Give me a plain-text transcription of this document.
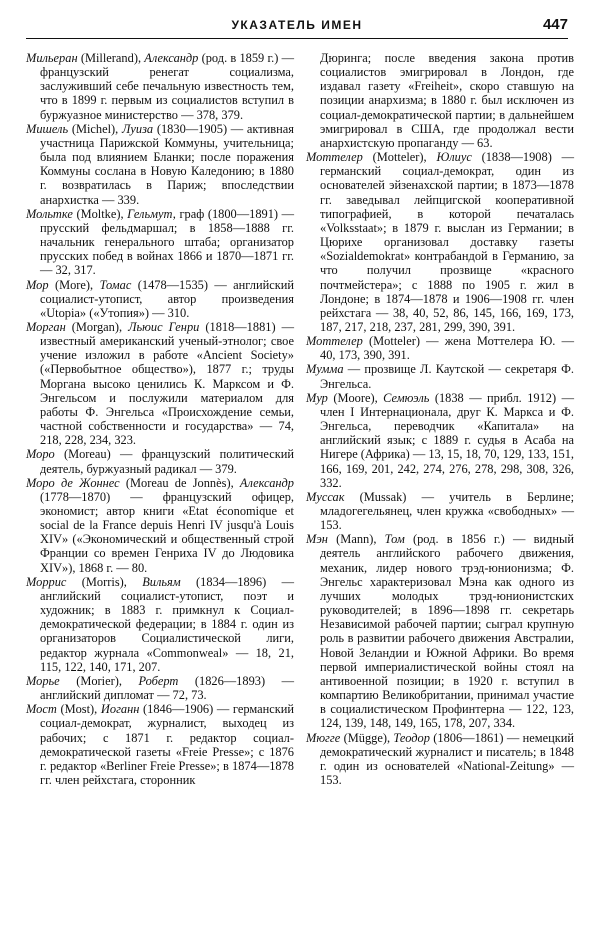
УКАЗАТЕЛЬ ИМЕН	447

Мильеран (Millerand), Александр (род. в 1859 г.) — французский ренегат социализма, заслуживший себе печальную известность тем, что в 1899 г. первым из социалистов вступил в буржуазное министерство — 378, 379.

Мишель (Michel), Луиза (1830—1905) — активная участница Парижской Коммуны, учительница; была под влиянием Бланки; после поражения Коммуны сослана в Новую Каледонию; в 1880 г. возвратилась в Париж; впоследствии анархистка — 339.

Мольтке (Moltke), Гельмут, граф (1800—1891) — прусский фельдмаршал; в 1858—1888 гг. начальник генерального штаба; организатор прусских побед в войнах 1866 и 1870—1871 гг. — 32, 317.

Мор (More), Томас (1478—1535) — английский социалист-утопист, автор произведения «Utopia» («Утопия») — 310.

Морган (Morgan), Льюис Генри (1818—1881) — известный американский ученый-этнолог; свое учение изложил в работе «Ancient Society» («Первобытное общество»), 1877 г.; труды Моргана высоко ценились К. Марксом и Ф. Энгельсом и послужили материалом для работы Ф. Энгельса «Происхождение семьи, частной собственности и государства» — 74, 218, 228, 234, 323.

Моро (Moreau) — французский политический деятель, буржуазный радикал — 379.

Моро де Жоннес (Moreau de Jonnès), Александр (1778—1870) — французский офицер, экономист; автор книги «Etat économique et social de la France depuis Henri IV jusqu'à Louis XIV» («Экономический и общественный строй Франции со времен Генриха IV до Людовика XIV»), 1868 г. — 80.

Моррис (Morris), Вильям (1834—1896) — английский социалист-утопист, поэт и художник; в 1883 г. примкнул к Социал-демократической федерации; в 1884 г. один из организаторов Социалистической лиги, редактор журнала «Commonweal» — 18, 21, 115, 122, 140, 171, 207.

Морье (Morier), Роберт (1826—1893) — английский дипломат — 72, 73.

Мост (Most), Иоганн (1846—1906) — германский социал-демократ, журналист, выходец из рабочих; с 1871 г. редактор социал-демократической газеты «Freie Presse»; с 1876 г. редактор «Berliner Freie Presse»; в 1874—1878 гг. член рейхстага, сторонник

Дюринга; после введения закона против социалистов эмигрировал в Лондон, где издавал газету «Freiheit», скоро ставшую на позиции анархизма; в 1880 г. был исключен из социал-демократической партии; в дальнейшем эмигрировал в США, где продолжал вести анархистскую пропаганду — 63.

Моттелер (Motteler), Юлиус (1838—1908) — германский социал-демократ, один из основателей эйзенахской партии; в 1873—1878 гг. заведывал лейпцигской кооперативной типографией, в которой печаталась «Volksstaat»; в 1879 г. выслан из Германии; в Цюрихе организовал доставку газеты «Sozialdemokrat» контрабандой в Германию, за что получил прозвище «красного почтмейстера»; с 1888 по 1905 г. жил в Лондоне; в 1874—1878 и 1906—1908 гг. член рейхстага — 38, 40, 52, 86, 145, 166, 169, 173, 187, 217, 218, 237, 281, 299, 390, 391.

Моттелер (Motteler) — жена Моттелера Ю. — 40, 173, 390, 391.

Мумма — прозвище Л. Каутской — секретаря Ф. Энгельса.

Мур (Moore), Семюэль (1838 — прибл. 1912) — член I Интернационала, друг К. Маркса и Ф. Энгельса, переводчик «Капитала» на английский язык; с 1889 г. судья в Асаба на Нигере (Африка) — 13, 15, 18, 70, 129, 133, 151, 166, 169, 201, 242, 274, 276, 278, 298, 308, 326, 332.

Муссак (Mussak) — учитель в Берлине; младогегельянец, член кружка «свободных» — 153.

Мэн (Mann), Том (род. в 1856 г.) — видный деятель английского рабочего движения, механик, лидер нового трэд-юнионизма; Ф. Энгельс характеризовал Мэна как одного из лучших молодых трэд-юнионистских руководителей; в 1896—1898 гг. секретарь Независимой рабочей партии; сыграл крупную роль в развитии рабочего движения Австралии, Новой Зеландии и Южной Африки. Во время первой империалистической войны стоял на антивоенной позиции; в 1920 г. вступил в компартию Великобритании, принимал участие в социалистическом Профинтерна — 122, 123, 124, 139, 148, 149, 165, 178, 207, 334.

Мюгге (Mügge), Теодор (1806—1861) — немецкий демократический журналист и писатель; в 1848 г. один из основателей «National-Zeitung» — 153.
